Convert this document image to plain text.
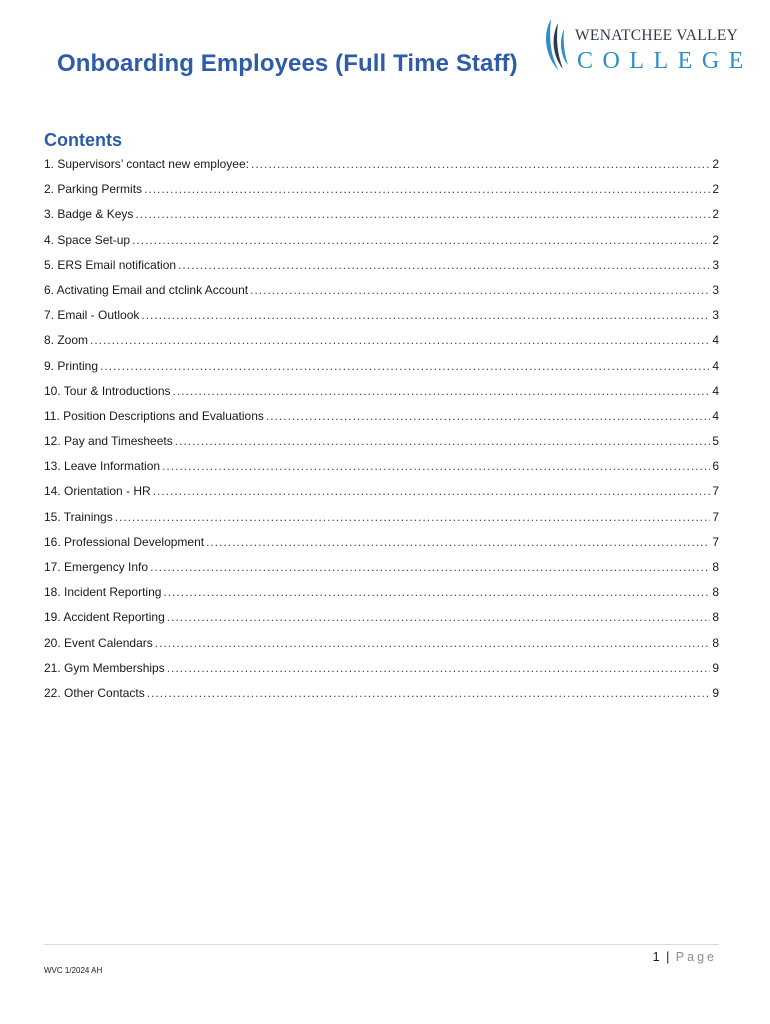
Onboarding Employees (Full Time Staff)
WENATCHEE VALLEY
COLLEGE
Contents
1. Supervisors’ contact new employee: .....	2
2. Parking Permits .....	2
3. Badge & Keys .....	2
4. Space Set-up .....	2
5. ERS Email notification .....	3
6. Activating Email and ctclink Account .....	3
7. Email - Outlook .....	3
8. Zoom .....	4
9. Printing .....	4
10. Tour & Introductions .....	4
11. Position Descriptions and Evaluations .....	4
12. Pay and Timesheets .....	5
13. Leave Information .....	6
14. Orientation - HR .....	7
15. Trainings .....	7
16. Professional Development .....	7
17. Emergency Info .....	8
18. Incident Reporting .....	8
19. Accident Reporting .....	8
20. Event Calendars .....	8
21. Gym Memberships .....	9
22. Other Contacts .....	9
1 | Page
WVC 1/2024 AH
